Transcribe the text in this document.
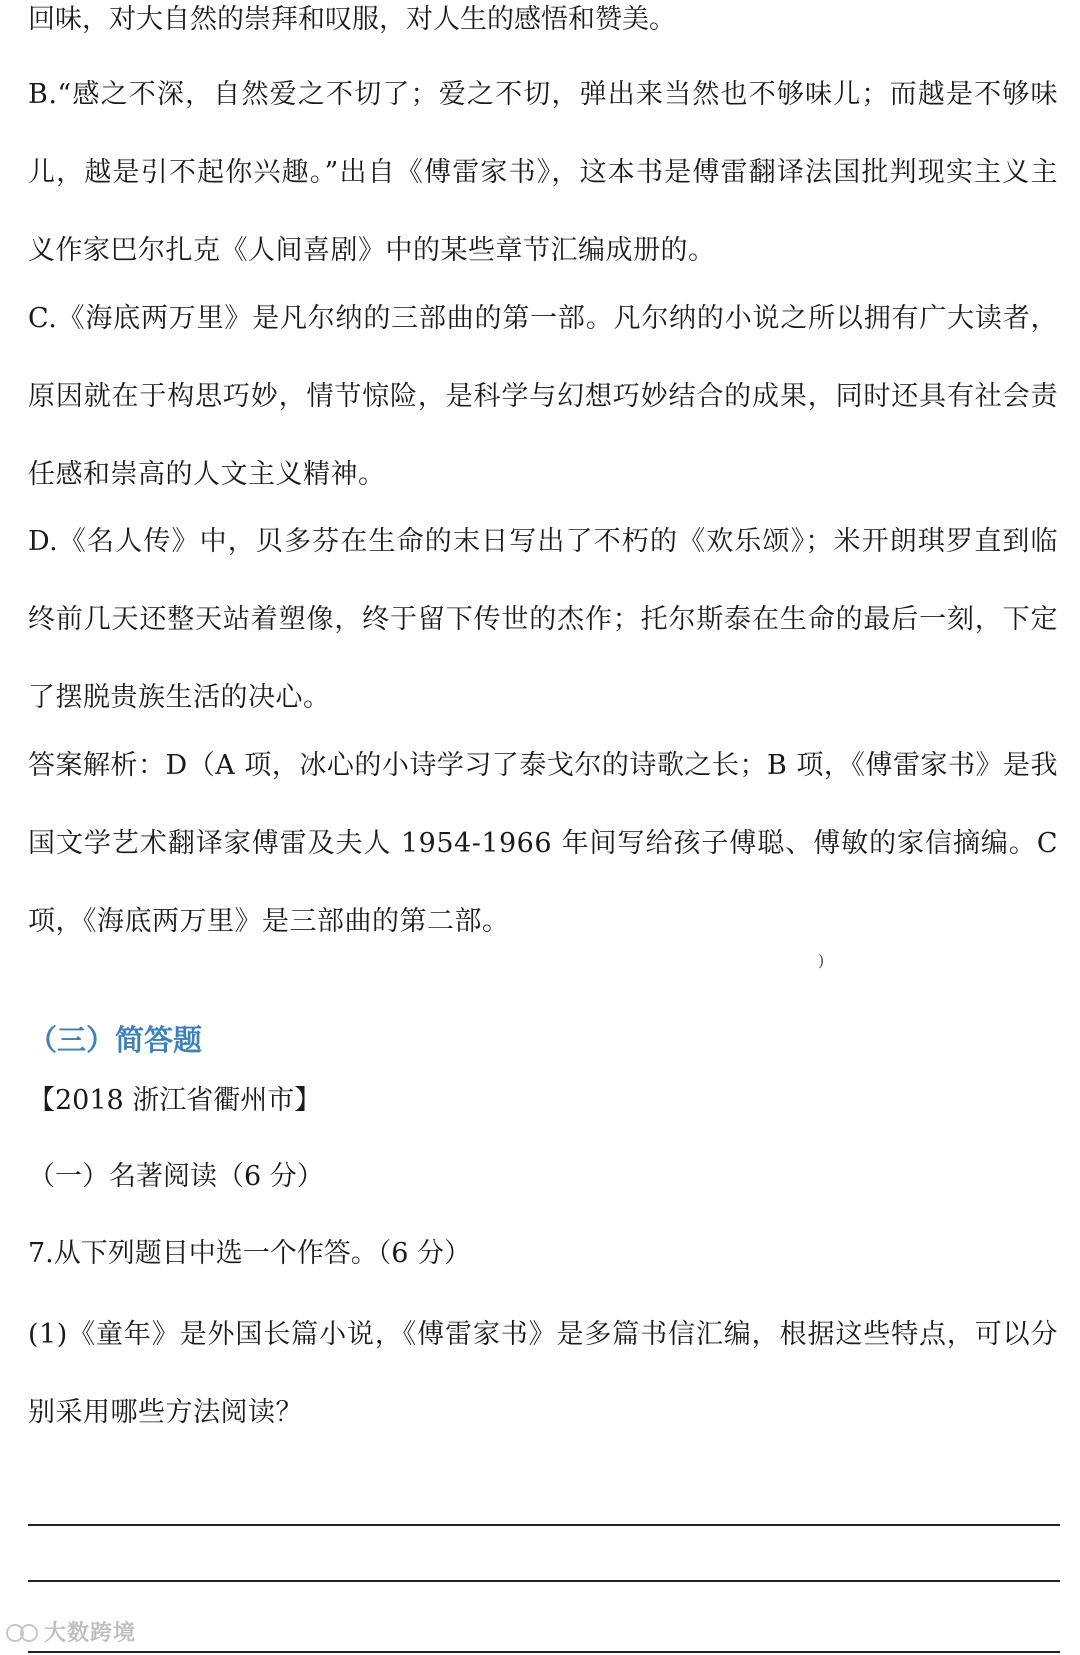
回味，对大自然的崇拜和叹服，对人生的感悟和赞美。

B.“感之不深，自然爱之不切了；爱之不切，弹出来当然也不够味儿；而越是不够味儿，越是引不起你兴趣。”出自《傅雷家书》，这本书是傅雷翻译法国批判现实主义主义作家巴尔扎克《人间喜剧》中的某些章节汇编成册的。

C.《海底两万里》是凡尔纳的三部曲的第一部。凡尔纳的小说之所以拥有广大读者，原因就在于构思巧妙，情节惊险，是科学与幻想巧妙结合的成果，同时还具有社会责任感和崇高的人文主义精神。

D.《名人传》中，贝多芬在生命的末日写出了不朽的《欢乐颂》；米开朗琪罗直到临终前几天还整天站着塑像，终于留下传世的杰作；托尔斯泰在生命的最后一刻，下定了摆脱贵族生活的决心。

答案解析：D（A 项，冰心的小诗学习了泰戈尔的诗歌之长；B 项，《傅雷家书》是我国文学艺术翻译家傅雷及夫人 1954-1966 年间写给孩子傅聪、傅敏的家信摘编。C 项，《海底两万里》是三部曲的第二部。

)
（三）简答题

【2018 浙江省衢州市】

（一）名著阅读（6 分）

7.从下列题目中选一个作答。（6 分）

(1)《童年》是外国长篇小说，《傅雷家书》是多篇书信汇编，根据这些特点，可以分别采用哪些方法阅读？

大数跨境
